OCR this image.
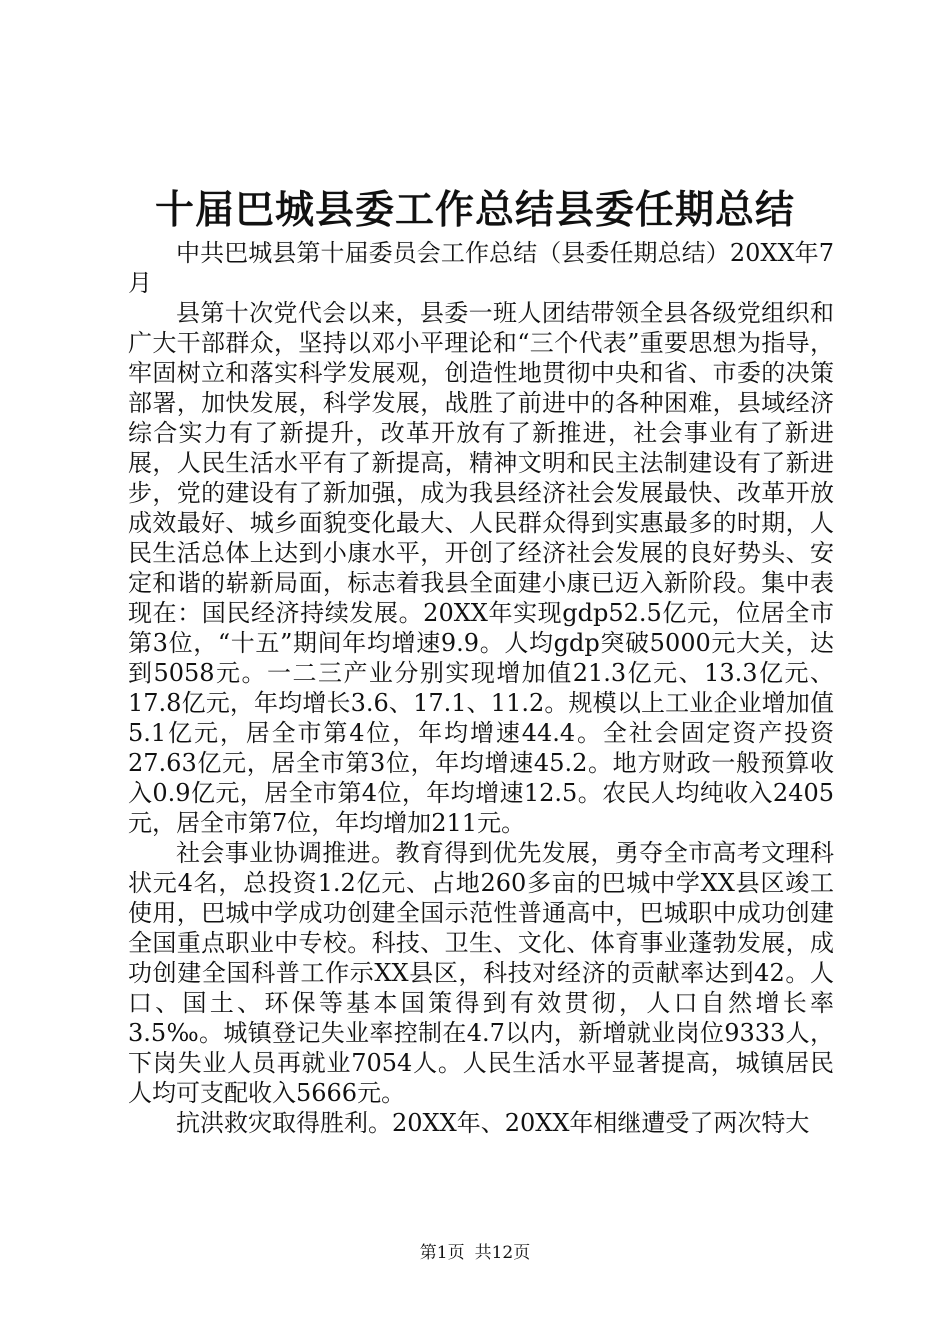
十届巴城县委工作总结县委任期总结

中共巴城县第十届委员会工作总结（县委任期总结）20XX年7月

县第十次党代会以来，县委一班人团结带领全县各级党组织和广大干部群众，坚持以邓小平理论和“三个代表”重要思想为指导，牢固树立和落实科学发展观，创造性地贯彻中央和省、市委的决策部署，加快发展，科学发展，战胜了前进中的各种困难，县域经济综合实力有了新提升，改革开放有了新推进，社会事业有了新进展，人民生活水平有了新提高，精神文明和民主法制建设有了新进步，党的建设有了新加强，成为我县经济社会发展最快、改革开放成效最好、城乡面貌变化最大、人民群众得到实惠最多的时期，人民生活总体上达到小康水平，开创了经济社会发展的良好势头、安定和谐的崭新局面，标志着我县全面建小康已迈入新阶段。集中表现在：国民经济持续发展。20XX年实现gdp52.5亿元，位居全市第3位，“十五”期间年均增速9.9。人均gdp突破5000元大关，达到5058元。一二三产业分别实现增加值21.3亿元、13.3亿元、17.8亿元，年均增长3.6、17.1、11.2。规模以上工业企业增加值5.1亿元，居全市第4位，年均增速44.4。全社会固定资产投资27.63亿元，居全市第3位，年均增速45.2。地方财政一般预算收入0.9亿元，居全市第4位，年均增速12.5。农民人均纯收入2405元，居全市第7位，年均增加211元。

社会事业协调推进。教育得到优先发展，勇夺全市高考文理科状元4名，总投资1.2亿元、占地260多亩的巴城中学XX县区竣工使用，巴城中学成功创建全国示范性普通高中，巴城职中成功创建全国重点职业中专校。科技、卫生、文化、体育事业蓬勃发展，成功创建全国科普工作示XX县区，科技对经济的贡献率达到42。人口、国土、环保等基本国策得到有效贯彻，人口自然增长率3.5‰。城镇登记失业率控制在4.7以内，新增就业岗位9333人，下岗失业人员再就业7054人。人民生活水平显著提高，城镇居民人均可支配收入5666元。

抗洪救灾取得胜利。20XX年、20XX年相继遭受了两次特大

第1页 共12页
